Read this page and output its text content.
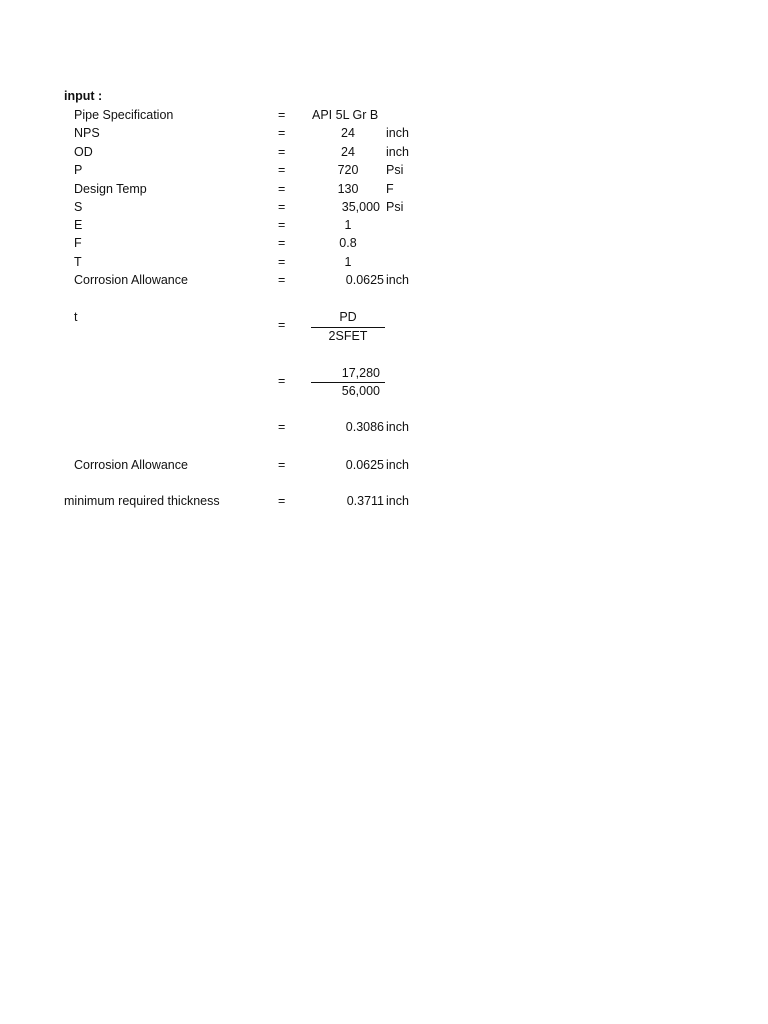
input :
Pipe Specification	= API 5L Gr B
NPS	=	24	inch
OD	=	24	inch
P	=	720	Psi
Design Temp	=	130	F
S	=	35,000 Psi
E	=	1
F	=	0.8
T	=	1
Corrosion Allowance	=	0.0625 inch
t
=
PD
2SFET
=
17,280
56,000
=	0.3086 inch
Corrosion Allowance	=	0.0625 inch
minimum required thickness	=	0.3711 inch
